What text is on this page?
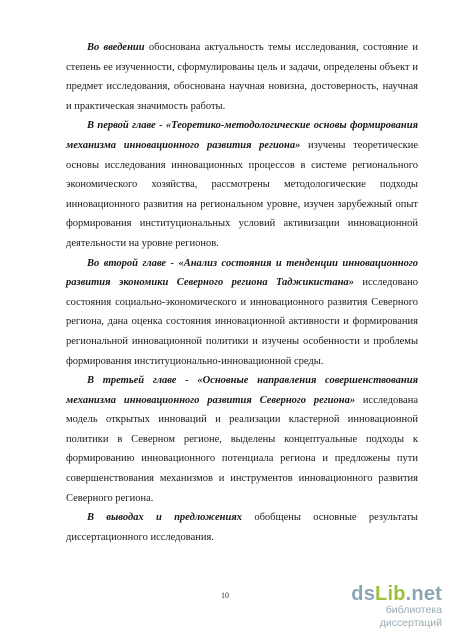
Во введении обоснована актуальность темы исследования, состояние и степень ее изученности, сформулированы цель и задачи, определены объект и предмет исследования, обоснована научная новизна, достоверность, научная и практическая значимость работы.

В первой главе - «Теоретико-методологические основы формирования механизма инновационного развития региона» изучены теоретические основы исследования инновационных процессов в системе регионального экономического хозяйства, рассмотрены методологические подходы инновационного развития на региональном уровне, изучен зарубежный опыт формирования институциональных условий активизации инновационной деятельности на уровне регионов.

Во второй главе - «Анализ состояния и тенденции инновационного развития экономики Северного региона Таджикистана» исследовано состояния социально-экономического и инновационного развития Северного региона, дана оценка состояния инновационной активности и формирования региональной инновационной политики и изучены особенности и проблемы формирования институционально-инновационной среды.

В третьей главе - «Основные направления совершенствования механизма инновационного развития Северного региона» исследована модель открытых инноваций и реализации кластерной инновационной политики в Северном регионе, выделены концептуальные подходы к формированию инновационного потенциала региона и предложены пути совершенствования механизмов и инструментов инновационного развития Северного региона.

В выводах и предложениях обобщены основные результаты диссертационного исследования.

10	dsLib.net
библиотека диссертаций
